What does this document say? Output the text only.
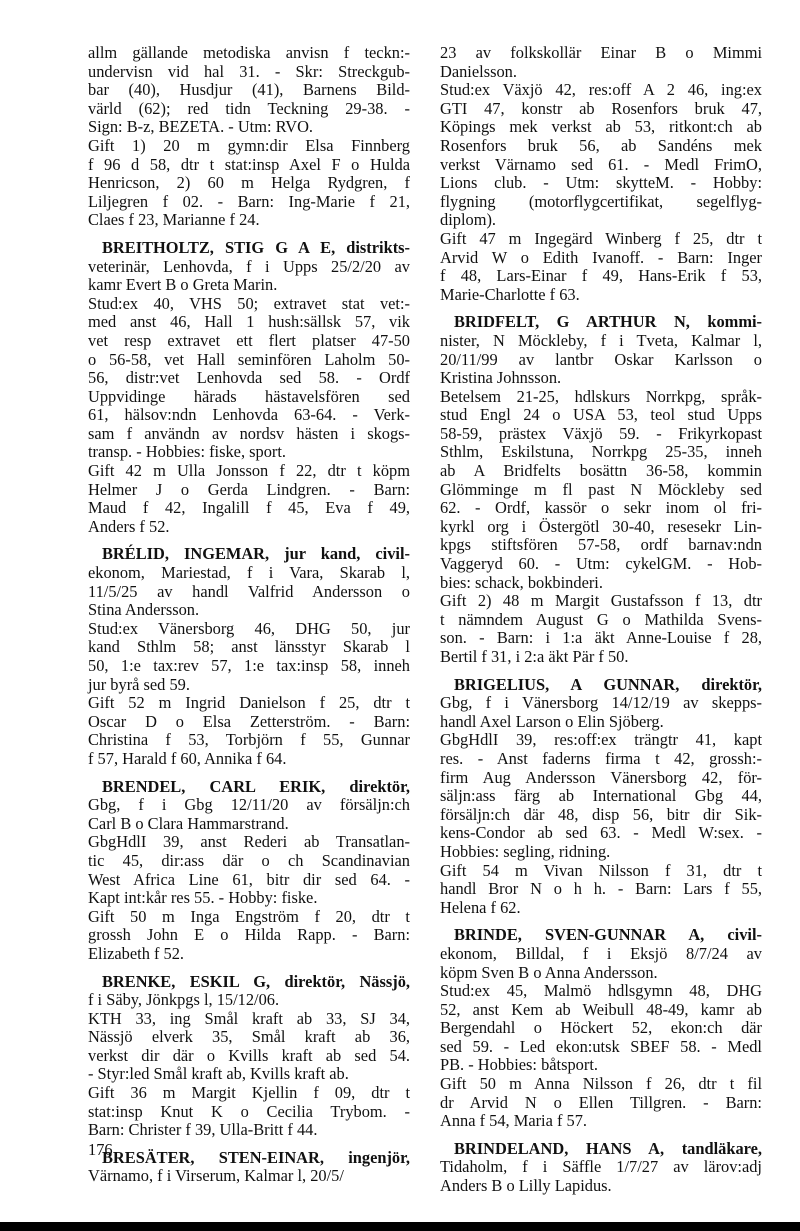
allm gällande metodiska anvisn f teckn:-
undervisn vid hal 31. - Skr: Streckgub-
bar (40), Husdjur (41), Barnens Bild-
värld (62); red tidn Teckning 29-38. -
Sign: B-z, BEZETA. - Utm: RVO.
Gift 1) 20 m gymn:dir Elsa Finnberg
f 96 d 58, dtr t stat:insp Axel F o Hulda
Henricson, 2) 60 m Helga Rydgren, f
Liljegren f 02. - Barn: Ing-Marie f 21,
Claes f 23, Marianne f 24.
BREITHOLTZ, STIG G A E, distrikts-
veterinär, Lenhovda, f i Upps 25/2/20 av
kamr Evert B o Greta Marin.
Stud:ex 40, VHS 50; extravet stat vet:-
med anst 46, Hall 1 hush:sällsk 57, vik
vet resp extravet ett flert platser 47-50
o 56-58, vet Hall seminfören Laholm 50-
56, distr:vet Lenhovda sed 58. - Ordf
Uppvidinge härads hästavelsfören sed
61, hälsov:ndn Lenhovda 63-64. - Verk-
sam f användn av nordsv hästen i skogs-
transp. - Hobbies: fiske, sport.
Gift 42 m Ulla Jonsson f 22, dtr t köpm
Helmer J o Gerda Lindgren. - Barn:
Maud f 42, Ingalill f 45, Eva f 49,
Anders f 52.
BRÉLID, INGEMAR, jur kand, civil-
ekonom, Mariestad, f i Vara, Skarab l,
11/5/25 av handl Valfrid Andersson o
Stina Andersson.
Stud:ex Vänersborg 46, DHG 50, jur
kand Sthlm 58; anst länsstyr Skarab l
50, 1:e tax:rev 57, 1:e tax:insp 58, inneh
jur byrå sed 59.
Gift 52 m Ingrid Danielson f 25, dtr t
Oscar D o Elsa Zetterström. - Barn:
Christina f 53, Torbjörn f 55, Gunnar
f 57, Harald f 60, Annika f 64.
BRENDEL, CARL ERIK, direktör,
Gbg, f i Gbg 12/11/20 av försäljn:ch
Carl B o Clara Hammarstrand.
GbgHdlI 39, anst Rederi ab Transatlan-
tic 45, dir:ass där o ch Scandinavian
West Africa Line 61, bitr dir sed 64. -
Kapt int:kår res 55. - Hobby: fiske.
Gift 50 m Inga Engström f 20, dtr t
grossh John E o Hilda Rapp. - Barn:
Elizabeth f 52.
BRENKE, ESKIL G, direktör, Nässjö,
f i Säby, Jönkpgs l, 15/12/06.
KTH 33, ing Smål kraft ab 33, SJ 34,
Nässjö elverk 35, Smål kraft ab 36,
verkst dir där o Kvills kraft ab sed 54.
- Styr:led Smål kraft ab, Kvills kraft ab.
Gift 36 m Margit Kjellin f 09, dtr t
stat:insp Knut K o Cecilia Trybom. -
Barn: Christer f 39, Ulla-Britt f 44.
BRESÄTER, STEN-EINAR, ingenjör,
Värnamo, f i Virserum, Kalmar l, 20/5/
23 av folkskollär Einar B o Mimmi
Danielsson.
Stud:ex Växjö 42, res:off A 2 46, ing:ex
GTI 47, konstr ab Rosenfors bruk 47,
Köpings mek verkst ab 53, ritkont:ch ab
Rosenfors bruk 56, ab Sandéns mek
verkst Värnamo sed 61. - Medl FrimO,
Lions club. - Utm: skytteM. - Hobby:
flygning (motorflygcertifikat, segelflyg-
diplom).
Gift 47 m Ingegärd Winberg f 25, dtr t
Arvid W o Edith Ivanoff. - Barn: Inger
f 48, Lars-Einar f 49, Hans-Erik f 53,
Marie-Charlotte f 63.
BRIDFELT, G ARTHUR N, kommi-
nister, N Möckleby, f i Tveta, Kalmar l,
20/11/99 av lantbr Oskar Karlsson o
Kristina Johnsson.
Betelsem 21-25, hdlskurs Norrkpg, språk-
stud Engl 24 o USA 53, teol stud Upps
58-59, prästex Växjö 59. - Frikyrkopast
Sthlm, Eskilstuna, Norrkpg 25-35, inneh
ab A Bridfelts bosättn 36-58, kommin
Glömminge m fl past N Möckleby sed
62. - Ordf, kassör o sekr inom ol fri-
kyrkl org i Östergötl 30-40, resesekr Lin-
kpgs stiftsfören 57-58, ordf barnav:ndn
Vaggeryd 60. - Utm: cykelGM. - Hob-
bies: schack, bokbinderi.
Gift 2) 48 m Margit Gustafsson f 13, dtr
t nämndem August G o Mathilda Svens-
son. - Barn: i 1:a äkt Anne-Louise f 28,
Bertil f 31, i 2:a äkt Pär f 50.
BRIGELIUS, A GUNNAR, direktör,
Gbg, f i Vänersborg 14/12/19 av skepps-
handl Axel Larson o Elin Sjöberg.
GbgHdlI 39, res:off:ex trängtr 41, kapt
res. - Anst faderns firma t 42, grossh:-
firm Aug Andersson Vänersborg 42, för-
säljn:ass färg ab International Gbg 44,
försäljn:ch där 48, disp 56, bitr dir Sik-
kens-Condor ab sed 63. - Medl W:sex. -
Hobbies: segling, ridning.
Gift 54 m Vivan Nilsson f 31, dtr t
handl Bror N o h h. - Barn: Lars f 55,
Helena f 62.
BRINDE, SVEN-GUNNAR A, civil-
ekonom, Billdal, f i Eksjö 8/7/24 av
köpm Sven B o Anna Andersson.
Stud:ex 45, Malmö hdlsgymn 48, DHG
52, anst Kem ab Weibull 48-49, kamr ab
Bergendahl o Höckert 52, ekon:ch där
sed 59. - Led ekon:utsk SBEF 58. - Medl
PB. - Hobbies: båtsport.
Gift 50 m Anna Nilsson f 26, dtr t fil
dr Arvid N o Ellen Tillgren. - Barn:
Anna f 54, Maria f 57.
BRINDELAND, HANS A, tandläkare,
Tidaholm, f i Säffle 1/7/27 av lärov:adj
Anders B o Lilly Lapidus.
176
